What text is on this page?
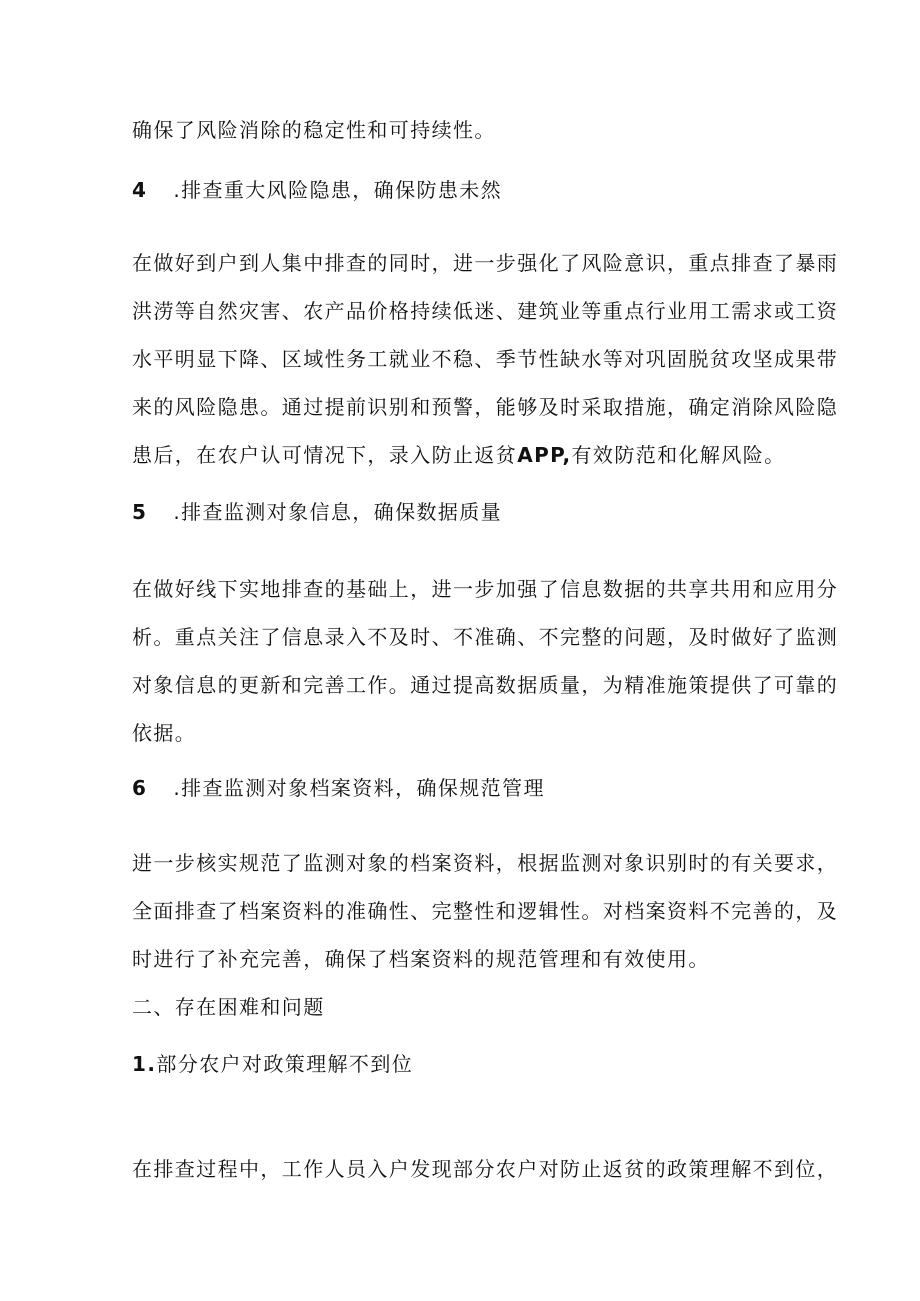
确保了风险消除的稳定性和可持续性。
4 .排查重大风险隐患，确保防患未然
在做好到户到人集中排查的同时，进一步强化了风险意识，重点排查了暴雨
洪涝等自然灾害、农产品价格持续低迷、建筑业等重点行业用工需求或工资
水平明显下降、区域性务工就业不稳、季节性缺水等对巩固脱贫攻坚成果带
来的风险隐患。通过提前识别和预警，能够及时采取措施，确定消除风险隐
患后，在农户认可情况下，录入防止返贫APP,有效防范和化解风险。
5 .排查监测对象信息，确保数据质量
在做好线下实地排查的基础上，进一步加强了信息数据的共享共用和应用分
析。重点关注了信息录入不及时、不准确、不完整的问题，及时做好了监测
对象信息的更新和完善工作。通过提高数据质量，为精准施策提供了可靠的
依据。
6 .排查监测对象档案资料，确保规范管理
进一步核实规范了监测对象的档案资料，根据监测对象识别时的有关要求，
全面排查了档案资料的准确性、完整性和逻辑性。对档案资料不完善的，及
时进行了补充完善，确保了档案资料的规范管理和有效使用。
二、存在困难和问题
1.部分农户对政策理解不到位
在排查过程中，工作人员入户发现部分农户对防止返贫的政策理解不到位，
